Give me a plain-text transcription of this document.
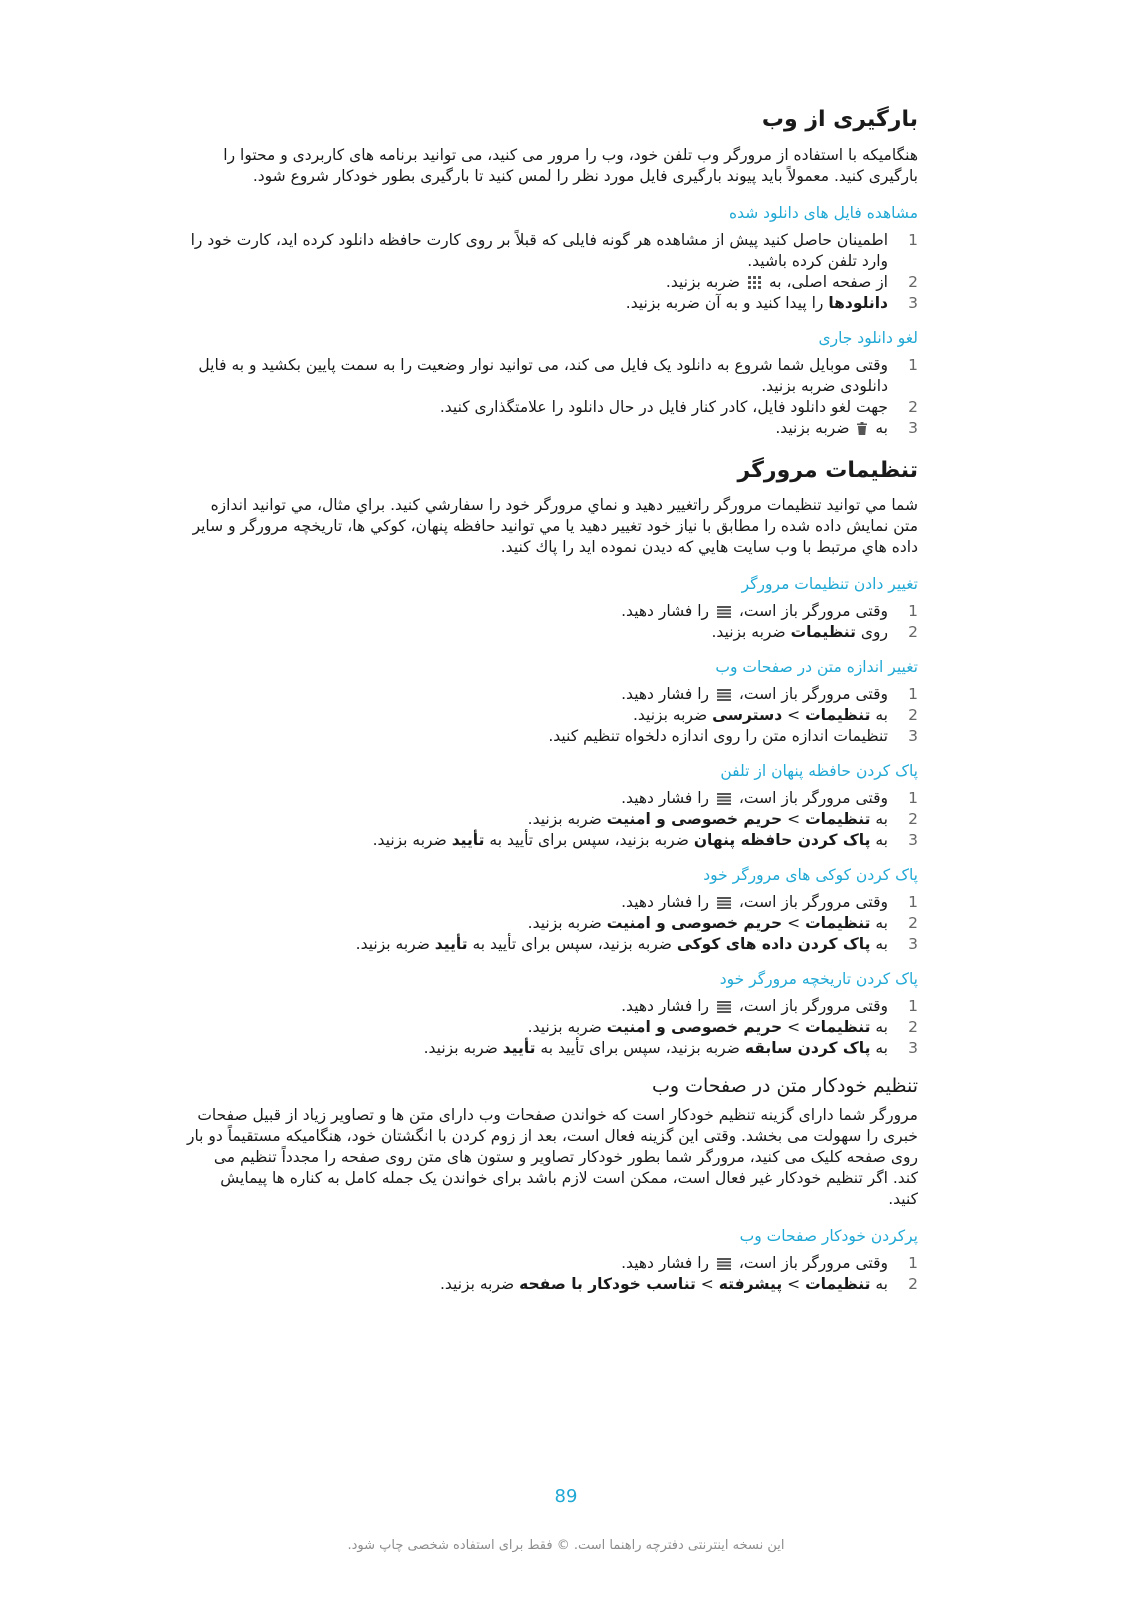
بارگیری از وب

هنگامیکه با استفاده از مرورگر وب تلفن خود، وب را مرور می کنید، می توانید برنامه های کاربردی و محتوا را بارگیری کنید. معمولاً باید پیوند بارگیری فایل مورد نظر را لمس کنید تا بارگیری بطور خودکار شروع شود.

مشاهده فایل های دانلود شده
1
اطمینان حاصل کنید پیش از مشاهده هر گونه فایلی که قبلاً بر روی کارت حافظه دانلود کرده اید، کارت خود را وارد تلفن کرده باشید.
2
از صفحه اصلی، به  ضربه بزنید.
3
دانلودها را پیدا کنید و به آن ضربه بزنید.
لغو دانلود جاری
1
وقتی موبایل شما شروع به دانلود یک فایل می کند، می توانید نوار وضعیت را به سمت پایین بکشید و به فایل دانلودی ضربه بزنید.
2
جهت لغو دانلود فایل، کادر کنار فایل در حال دانلود را علامتگذاری کنید.
3
به  ضربه بزنید.
تنظیمات مرورگر

شما مي توانيد تنظيمات مرورگر راتغيير دهيد و نماي مرورگر خود را سفارشي كنيد. براي مثال، مي توانيد اندازه متن نمايش داده شده را مطابق با نياز خود تغيير دهيد يا مي توانيد حافظه پنهان، كوكي ها، تاريخچه مرورگر و ساير داده هاي مرتبط با وب سايت هايي كه ديدن نموده ايد را پاك كنيد.

تغییر دادن تنظیمات مرورگر
1
وقتی مرورگر باز است،  را فشار دهید.
2
روی تنظیمات ضربه بزنید.
تغییر اندازه متن در صفحات وب
1
وقتی مرورگر باز است،  را فشار دهید.
2
به تنظیمات > دسترسی ضربه بزنید.
3
تنظیمات اندازه متن را روی اندازه دلخواه تنظیم کنید.
پاک کردن حافظه پنهان از تلفن
1
وقتی مرورگر باز است،  را فشار دهید.
2
به تنظیمات > حریم خصوصی و امنیت ضربه بزنید.
3
به پاک کردن حافظه پنهان ضربه بزنید، سپس برای تأیید به تأیید ضربه بزنید.
پاک کردن کوکی های مرورگر خود
1
وقتی مرورگر باز است،  را فشار دهید.
2
به تنظیمات > حریم خصوصی و امنیت ضربه بزنید.
3
به پاک کردن داده های کوکی ضربه بزنید، سپس برای تأیید به تأیید ضربه بزنید.
پاک کردن تاریخچه مرورگر خود
1
وقتی مرورگر باز است،  را فشار دهید.
2
به تنظیمات > حریم خصوصی و امنیت ضربه بزنید.
3
به پاک کردن سابقه ضربه بزنید، سپس برای تأیید به تأیید ضربه بزنید.
تنظیم خودکار متن در صفحات وب

مرورگر شما دارای گزینه تنظیم خودکار است که خواندن صفحات وب دارای متن ها و تصاویر زیاد از قبیل صفحات خبری را سهولت می بخشد. وقتی این گزینه فعال است، بعد از زوم کردن با انگشتان خود، هنگامیکه مستقیماً دو بار روی صفحه کلیک می کنید، مرورگر شما بطور خودکار تصاویر و ستون های متن روی صفحه را مجدداً تنظیم می کند. اگر تنظیم خودکار غیر فعال است، ممکن است لازم باشد برای خواندن یک جمله کامل به کناره ها پیمایش کنید.

پرکردن خودکار صفحات وب
1
وقتی مرورگر باز است،  را فشار دهید.
2
به تنظیمات > پیشرفته > تناسب خودکار با صفحه ضربه بزنید.
89
این نسخه اینترنتی دفترچه راهنما است. © فقط برای استفاده شخصی چاپ شود.
